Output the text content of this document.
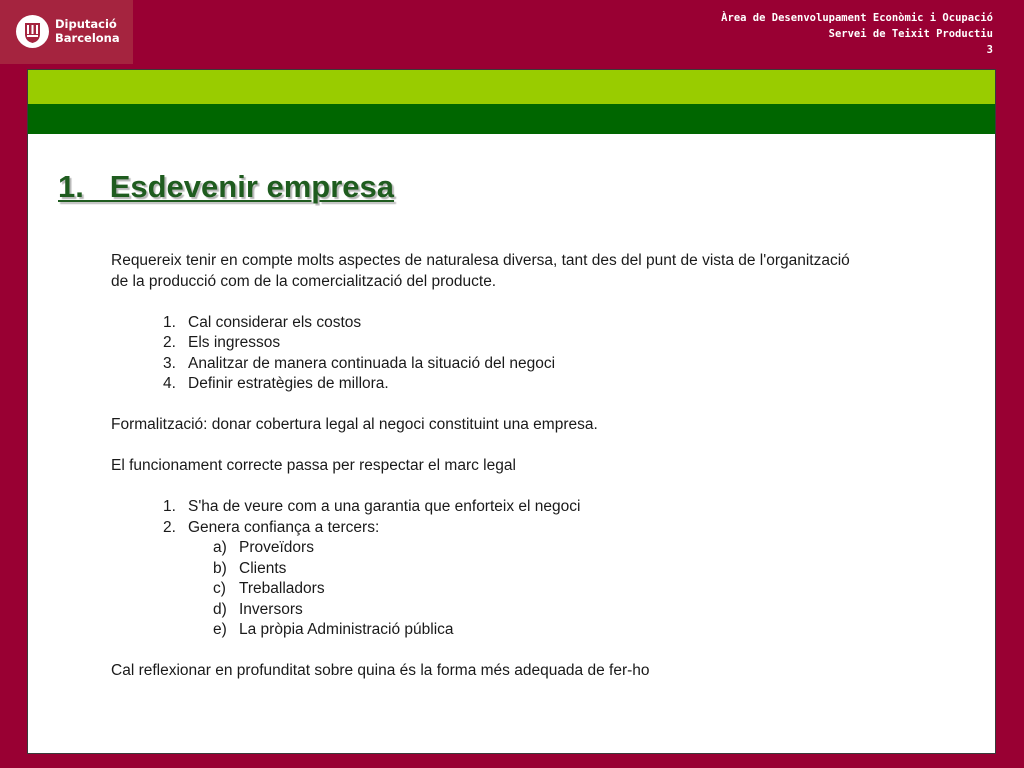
Diputació
Barcelona
Àrea de Desenvolupament Econòmic i Ocupació
Servei de Teixit Productiu
3
1.   Esdevenir empresa

Requereix tenir en compte molts aspectes de naturalesa diversa, tant des del punt de vista de l'organització de la producció com de la comercialització del producte.

1. Cal considerar els costos
2. Els ingressos
3. Analitzar de manera continuada la situació del negoci
4. Definir estratègies de millora.

Formalització: donar cobertura legal al negoci constituint una empresa.

El funcionament correcte passa per respectar el marc legal

1. S'ha de veure com a una garantia que enforteix el negoci
2. Genera confiança a tercers:
a) Proveïdors
b) Clients
c) Treballadors
d) Inversors
e) La pròpia Administració pública

Cal reflexionar en profunditat sobre quina és la forma més adequada de fer-ho
